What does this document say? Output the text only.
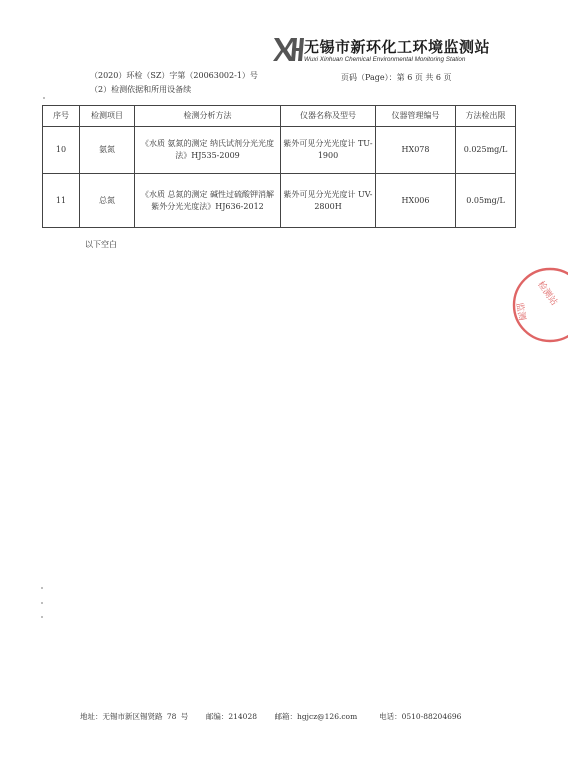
无锡市新环化工环境监测站
Wuxi Xinhuan Chemical Environmental Monitoring Station
（2020）环检（SZ）字第（20063002-1）号	页码（Page）：第 6 页 共 6 页
（2）检测依据和所用设备续
序号	检测项目	检测分析方法	仪器名称及型号	仪器管理编号	方法检出限
10	氨氮	《水质 氨氮的测定 纳氏试剂分光光度法》HJ535-2009	紫外可见分光光度计 TU-1900	HX078	0.025mg/L
11	总氮	《水质 总氮的测定 碱性过硫酸钾消解紫外分光光度法》HJ636-2012	紫外可见分光光度计 UV-2800H	HX006	0.05mg/L
以下空白
检测站
监测
地址：无锡市新区锡贤路 78 号 邮编：214028 邮箱：hgjcz@126.com	电话：0510-88204696
